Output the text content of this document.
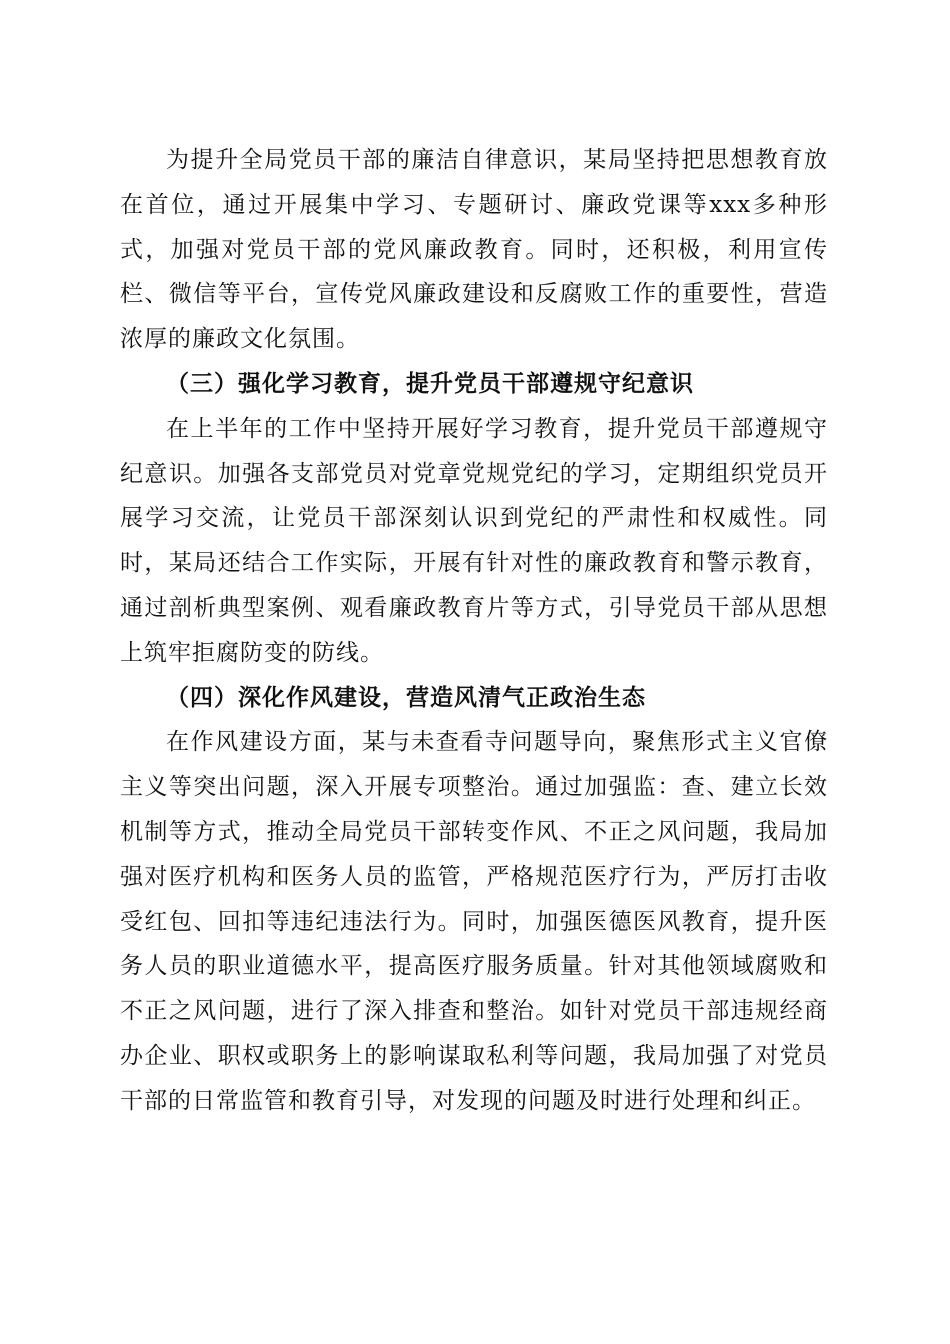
为提升全局党员干部的廉洁自律意识，某局坚持把思想教育放在首位，通过开展集中学习、专题研讨、廉政党课等xxx多种形式，加强对党员干部的党风廉政教育。同时，还积极，利用宣传栏、微信等平台，宣传党风廉政建设和反腐败工作的重要性，营造浓厚的廉政文化氛围。

（三）强化学习教育，提升党员干部遵规守纪意识

在上半年的工作中坚持开展好学习教育，提升党员干部遵规守纪意识。加强各支部党员对党章党规党纪的学习，定期组织党员开展学习交流，让党员干部深刻认识到党纪的严肃性和权威性。同时，某局还结合工作实际，开展有针对性的廉政教育和警示教育，通过剖析典型案例、观看廉政教育片等方式，引导党员干部从思想上筑牢拒腐防变的防线。

（四）深化作风建设，营造风清气正政治生态

在作风建设方面，某与未查看寺问题导向，聚焦形式主义官僚主义等突出问题，深入开展专项整治。通过加强监：查、建立长效机制等方式，推动全局党员干部转变作风、不正之风问题，我局加强对医疗机构和医务人员的监管，严格规范医疗行为，严厉打击收受红包、回扣等违纪违法行为。同时，加强医德医风教育，提升医务人员的职业道德水平，提高医疗服务质量。针对其他领域腐败和不正之风问题，进行了深入排查和整治。如针对党员干部违规经商办企业、职权或职务上的影响谋取私利等问题，我局加强了对党员干部的日常监管和教育引导，对发现的问题及时进行处理和纠正。
